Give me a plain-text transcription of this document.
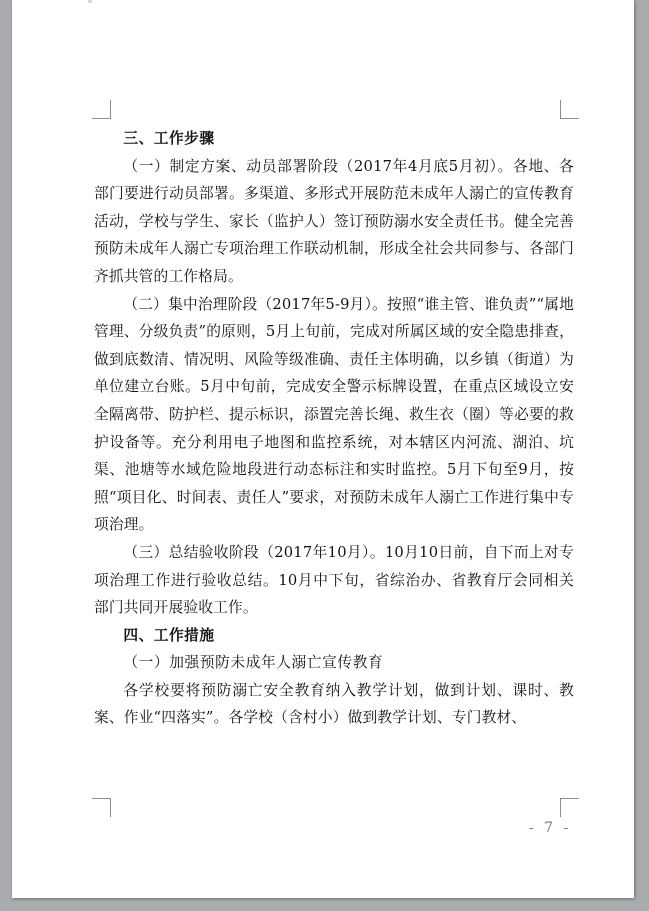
三、工作步骤

（一）制定方案、动员部署阶段（2017年4月底5月初）。各地、各部门要进行动员部署。多渠道、多形式开展防范未成年人溺亡的宣传教育活动，学校与学生、家长（监护人）签订预防溺水安全责任书。健全完善预防未成年人溺亡专项治理工作联动机制，形成全社会共同参与、各部门齐抓共管的工作格局。

（二）集中治理阶段（2017年5-9月）。按照“谁主管、谁负责”“属地管理、分级负责”的原则，5月上旬前，完成对所属区域的安全隐患排查，做到底数清、情况明、风险等级准确、责任主体明确，以乡镇（街道）为单位建立台账。5月中旬前，完成安全警示标牌设置，在重点区域设立安全隔离带、防护栏、提示标识，添置完善长绳、救生衣（圈）等必要的救护设备等。充分利用电子地图和监控系统，对本辖区内河流、湖泊、坑渠、池塘等水域危险地段进行动态标注和实时监控。5月下旬至9月，按照“项目化、时间表、责任人”要求，对预防未成年人溺亡工作进行集中专项治理。

（三）总结验收阶段（2017年10月）。10月10日前，自下而上对专项治理工作进行验收总结。10月中下旬，省综治办、省教育厅会同相关部门共同开展验收工作。

四、工作措施

（一）加强预防未成年人溺亡宣传教育

各学校要将预防溺亡安全教育纳入教学计划，做到计划、课时、教案、作业“四落实”。各学校（含村小）做到教学计划、专门教材、

- 7 -
